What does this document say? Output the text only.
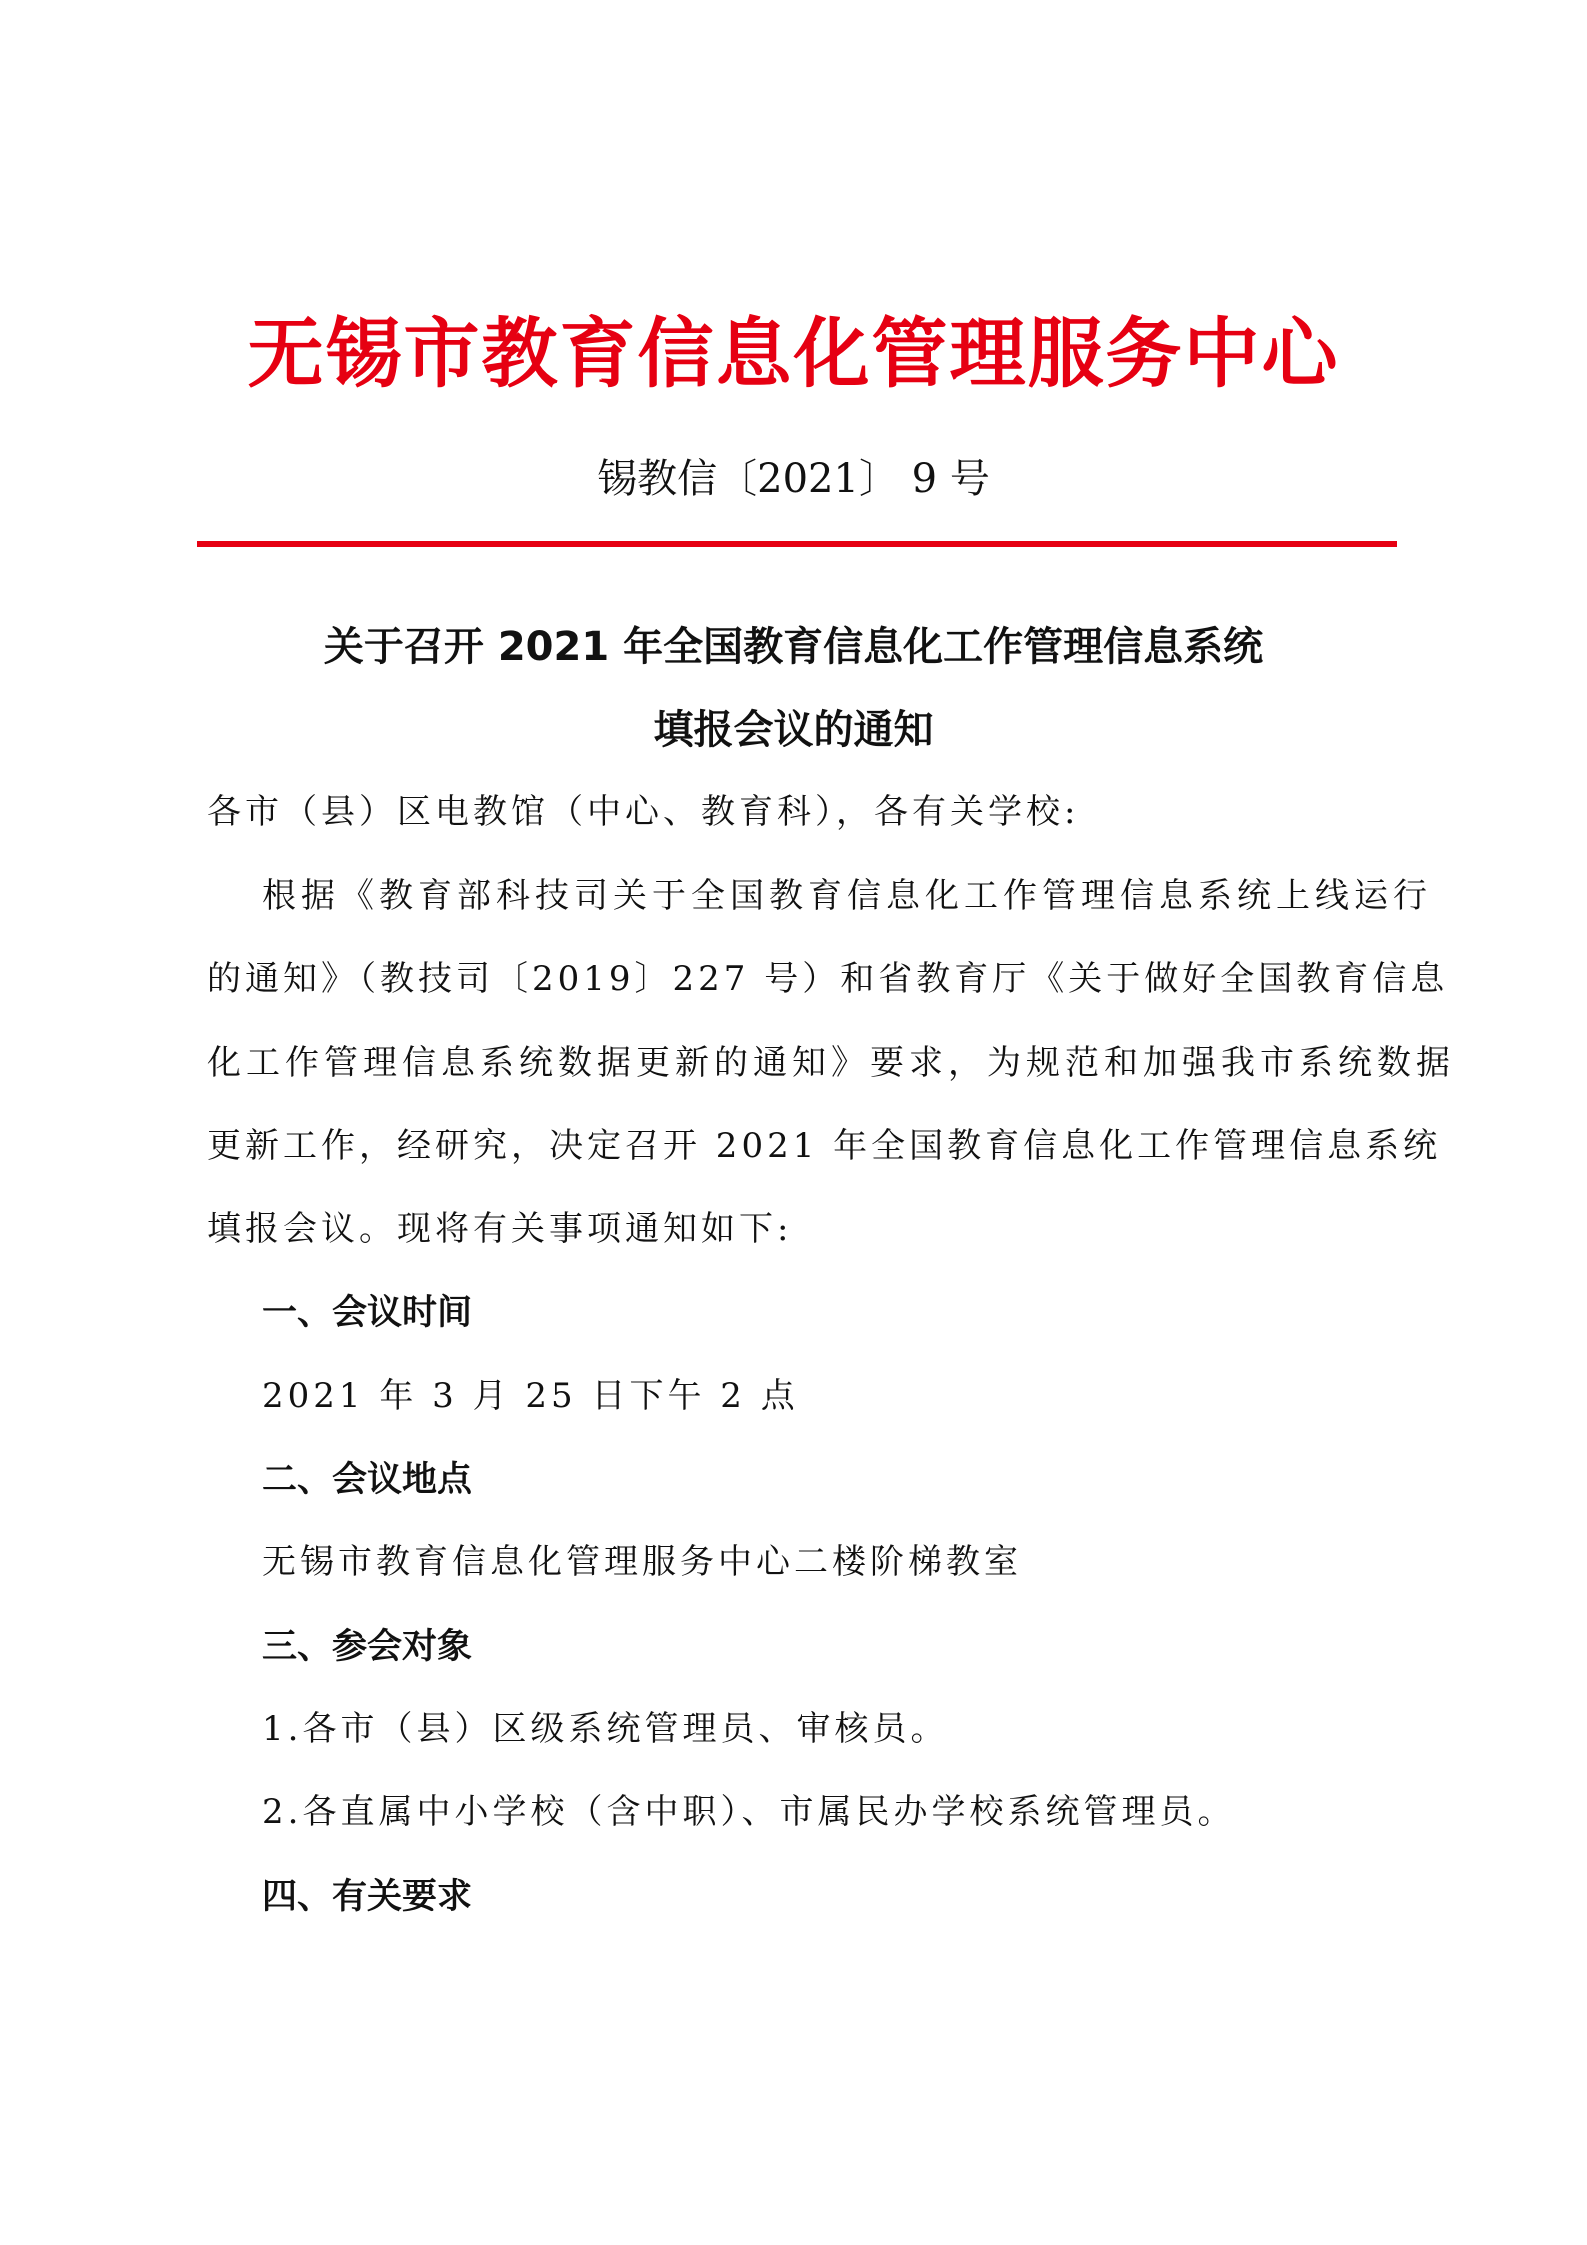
无锡市教育信息化管理服务中心
锡教信〔2021〕 9 号
关于召开 2021 年全国教育信息化工作管理信息系统
填报会议的通知
各市（县）区电教馆（中心、教育科），各有关学校:
根据《教育部科技司关于全国教育信息化工作管理信息系统上线运行
的通知》（教技司〔2019〕227 号）和省教育厅《关于做好全国教育信息
化工作管理信息系统数据更新的通知》要求，为规范和加强我市系统数据
更新工作，经研究，决定召开 2021 年全国教育信息化工作管理信息系统
填报会议。现将有关事项通知如下:
一、会议时间
2021 年 3 月 25 日下午 2 点
二、会议地点
无锡市教育信息化管理服务中心二楼阶梯教室
三、参会对象
1.各市（县）区级系统管理员、审核员。
2.各直属中小学校（含中职）、市属民办学校系统管理员。
四、有关要求
